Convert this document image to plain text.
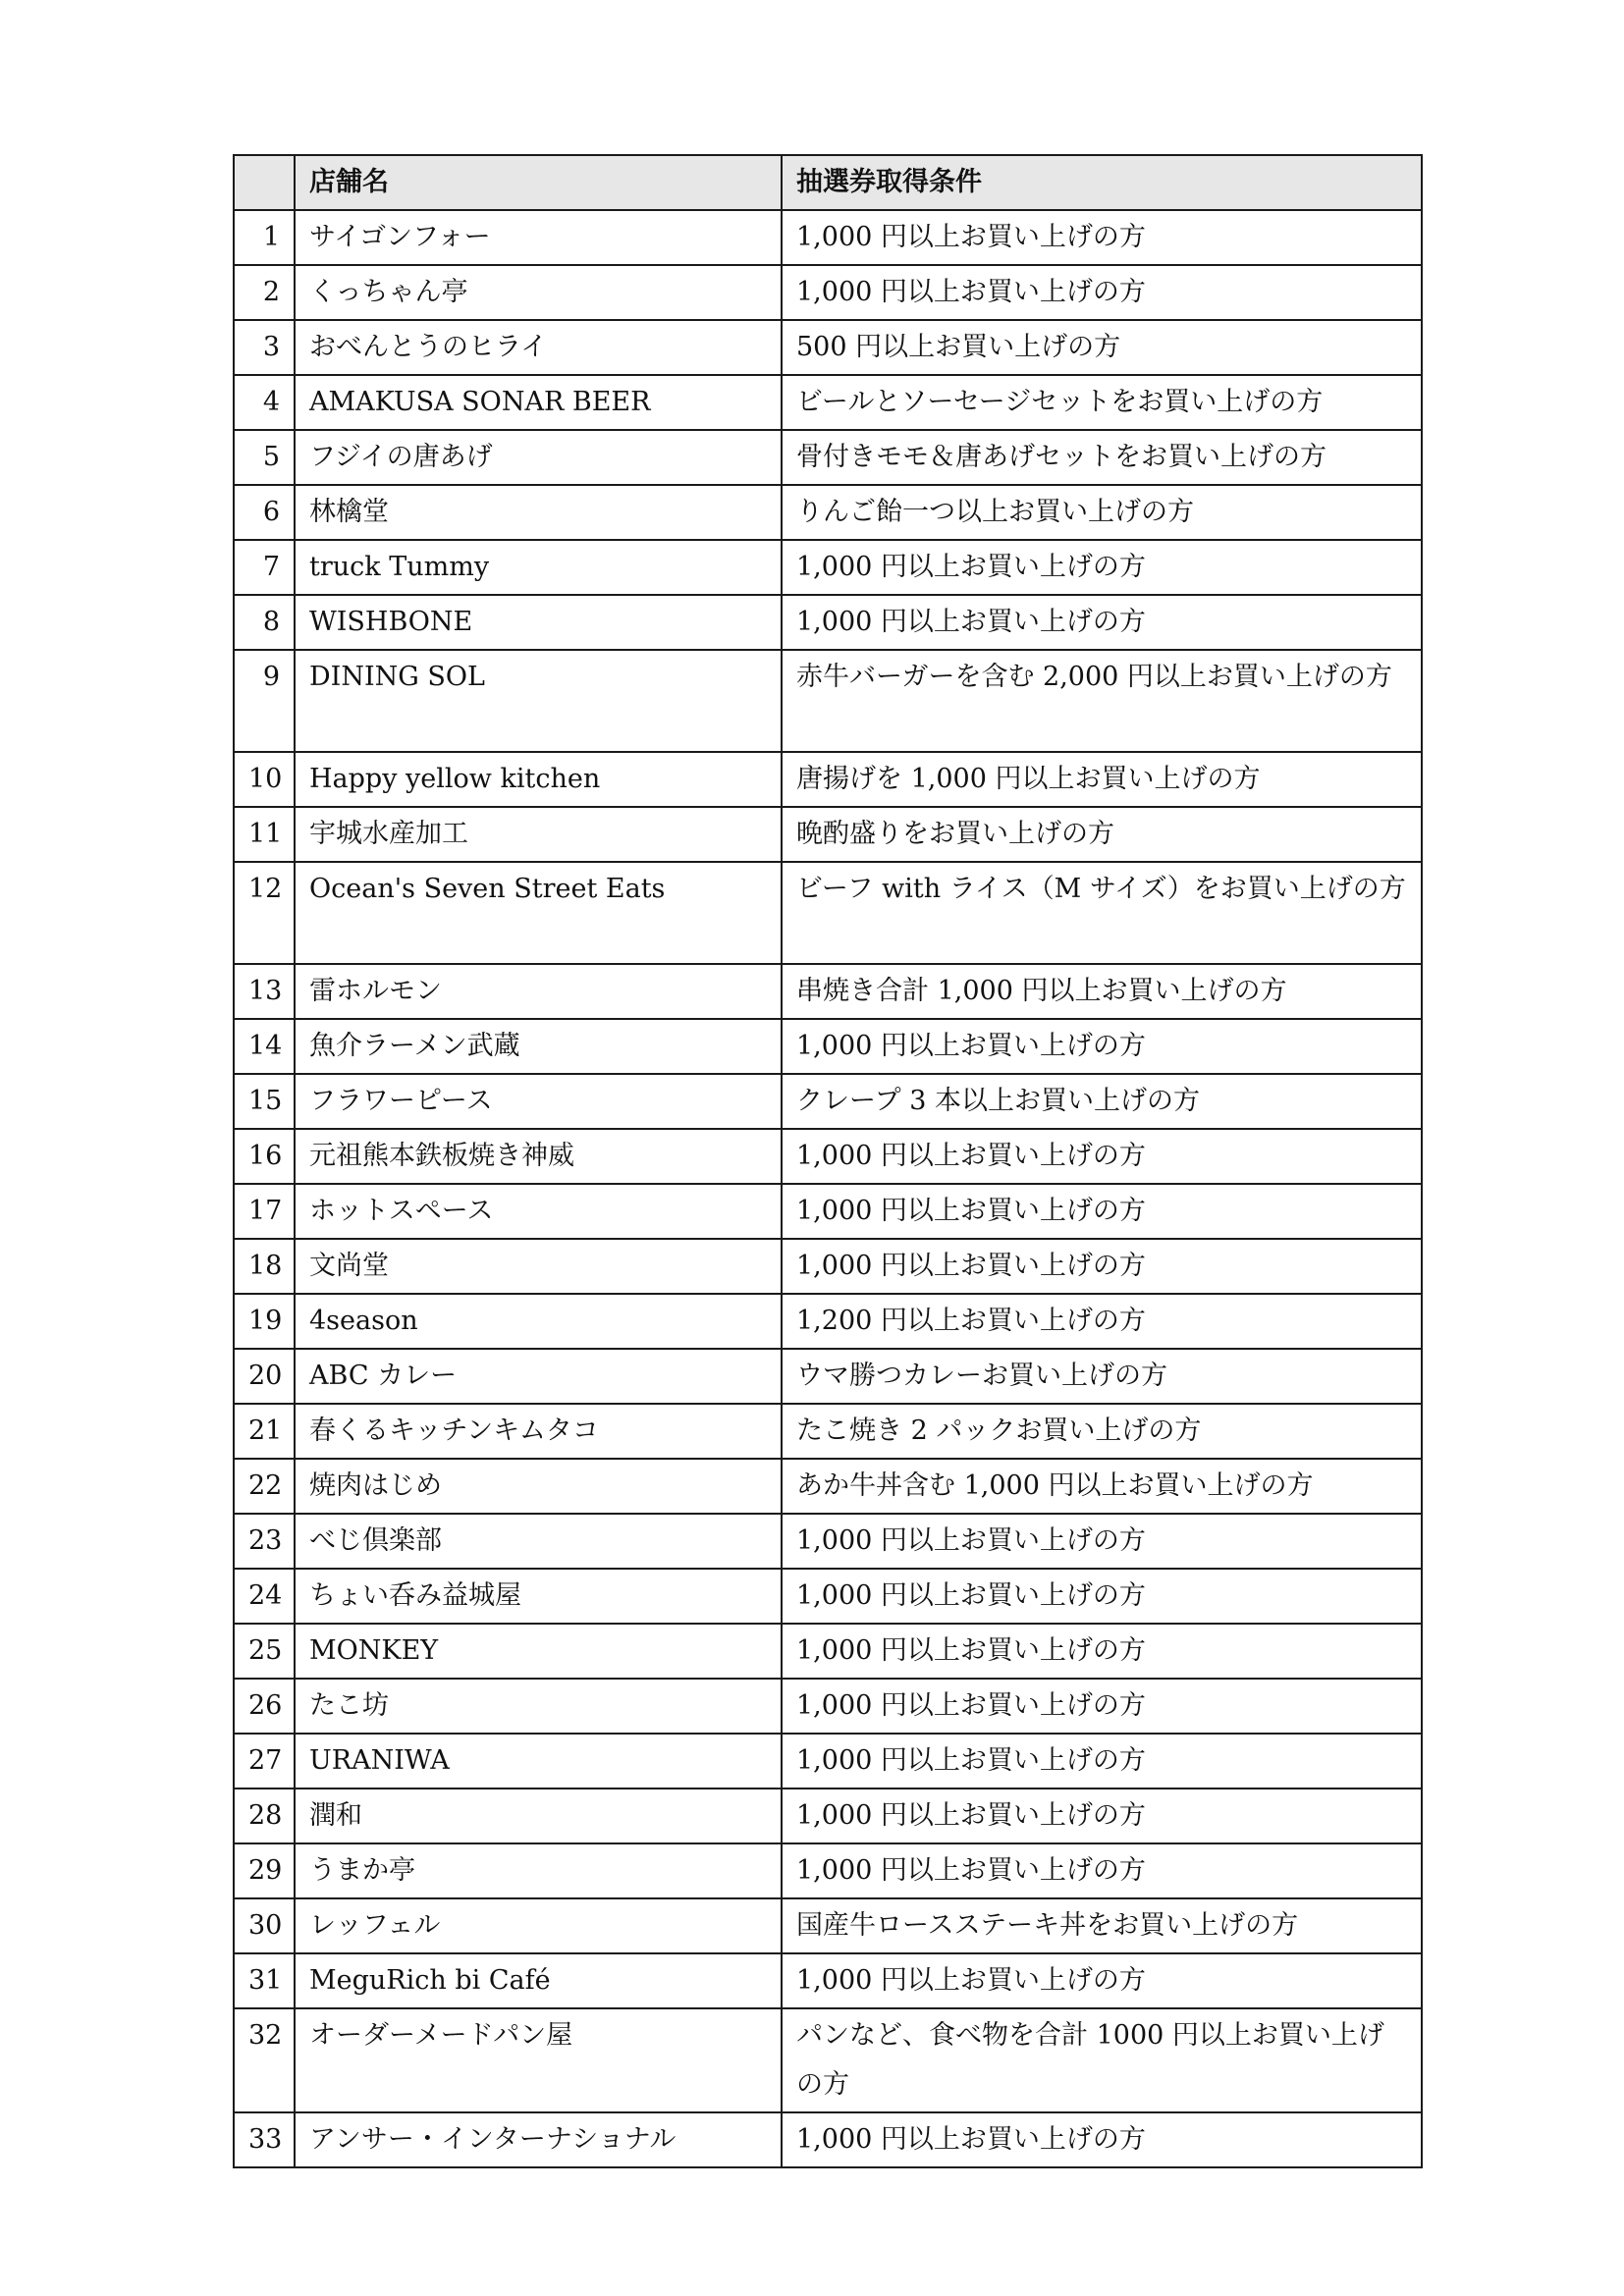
	店舗名	抽選券取得条件
1	サイゴンフォー	1,000 円以上お買い上げの方
2	くっちゃん亭	1,000 円以上お買い上げの方
3	おべんとうのヒライ	500 円以上お買い上げの方
4	AMAKUSA SONAR BEER	ビールとソーセージセットをお買い上げの方
5	フジイの唐あげ	骨付きモモ＆唐あげセットをお買い上げの方
6	林檎堂	りんご飴一つ以上お買い上げの方
7	truck Tummy	1,000 円以上お買い上げの方
8	WISHBONE	1,000 円以上お買い上げの方
9	DINING SOL	赤牛バーガーを含む 2,000 円以上お買い上げの方
10	Happy yellow kitchen	唐揚げを 1,000 円以上お買い上げの方
11	宇城水産加工	晩酌盛りをお買い上げの方
12	Ocean's Seven Street Eats	ビーフ with ライス（M サイズ）をお買い上げの方
13	雷ホルモン	串焼き合計 1,000 円以上お買い上げの方
14	魚介ラーメン武蔵	1,000 円以上お買い上げの方
15	フラワーピース	クレープ 3 本以上お買い上げの方
16	元祖熊本鉄板焼き神威	1,000 円以上お買い上げの方
17	ホットスペース	1,000 円以上お買い上げの方
18	文尚堂	1,000 円以上お買い上げの方
19	4season	1,200 円以上お買い上げの方
20	ABC カレー	ウマ勝つカレーお買い上げの方
21	春くるキッチンキムタコ	たこ焼き 2 パックお買い上げの方
22	焼肉はじめ	あか牛丼含む 1,000 円以上お買い上げの方
23	べじ倶楽部	1,000 円以上お買い上げの方
24	ちょい呑み益城屋	1,000 円以上お買い上げの方
25	MONKEY	1,000 円以上お買い上げの方
26	たこ坊	1,000 円以上お買い上げの方
27	URANIWA	1,000 円以上お買い上げの方
28	潤和	1,000 円以上お買い上げの方
29	うまか亭	1,000 円以上お買い上げの方
30	レッフェル	国産牛ロースステーキ丼をお買い上げの方
31	MeguRich bi Café	1,000 円以上お買い上げの方
32	オーダーメードパン屋	パンなど、食べ物を合計 1000 円以上お買い上げの方
33	アンサー・インターナショナル	1,000 円以上お買い上げの方
